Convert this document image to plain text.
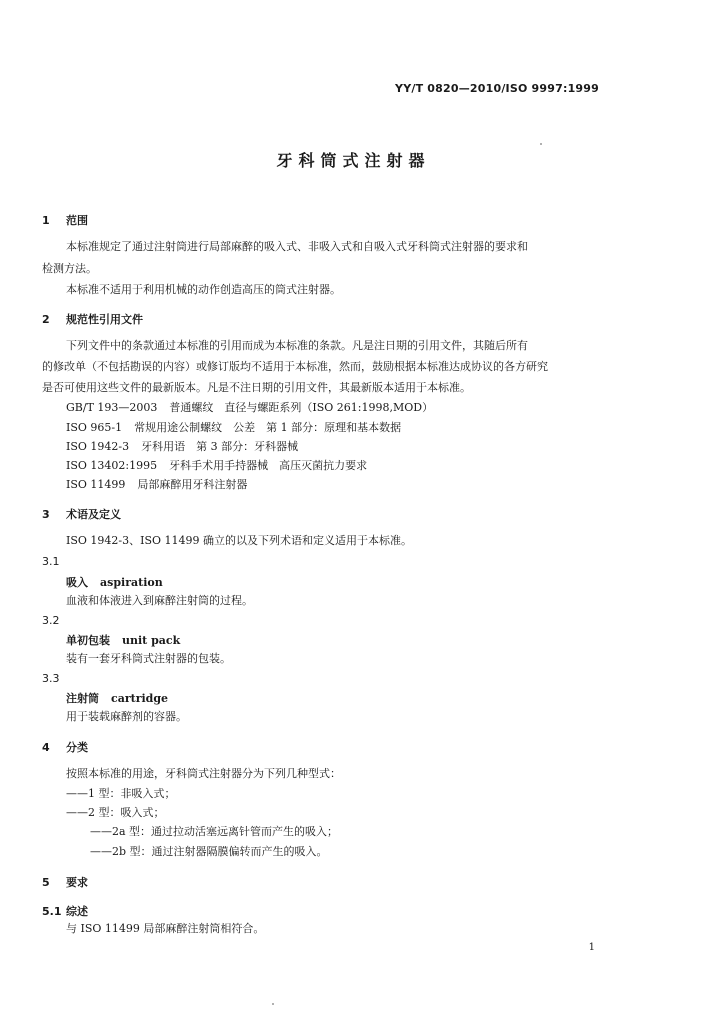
YY/T 0820—2010/ISO 9997:1999
牙科筒式注射器
1 范围
本标准规定了通过注射筒进行局部麻醉的吸入式、非吸入式和自吸入式牙科筒式注射器的要求和
检测方法。
本标准不适用于利用机械的动作创造高压的筒式注射器。
2 规范性引用文件
下列文件中的条款通过本标准的引用而成为本标准的条款。凡是注日期的引用文件，其随后所有
的修改单（不包括勘误的内容）或修订版均不适用于本标准，然而，鼓励根据本标准达成协议的各方研究
是否可使用这些文件的最新版本。凡是不注日期的引用文件，其最新版本适用于本标准。
GB/T 193—2003 普通螺纹　直径与螺距系列（ISO 261:1998,MOD）
ISO 965-1 常规用途公制螺纹　公差　第 1 部分：原理和基本数据
ISO 1942-3 牙科用语　第 3 部分：牙科器械
ISO 13402:1995 牙科手术用手持器械　高压灭菌抗力要求
ISO 11499 局部麻醉用牙科注射器
3 术语及定义
ISO 1942-3、ISO 11499 确立的以及下列术语和定义适用于本标准。
3.1
吸入 aspiration
血液和体液进入到麻醉注射筒的过程。
3.2
单初包装 unit pack
装有一套牙科筒式注射器的包装。
3.3
注射筒 cartridge
用于装载麻醉剂的容器。
4 分类
按照本标准的用途，牙科筒式注射器分为下列几种型式：
——1 型：非吸入式；
——2 型：吸入式；
——2a 型：通过拉动活塞远离针管而产生的吸入；
——2b 型：通过注射器隔膜偏转而产生的吸入。
5 要求
5.1 综述
与 ISO 11499 局部麻醉注射筒相符合。
1
